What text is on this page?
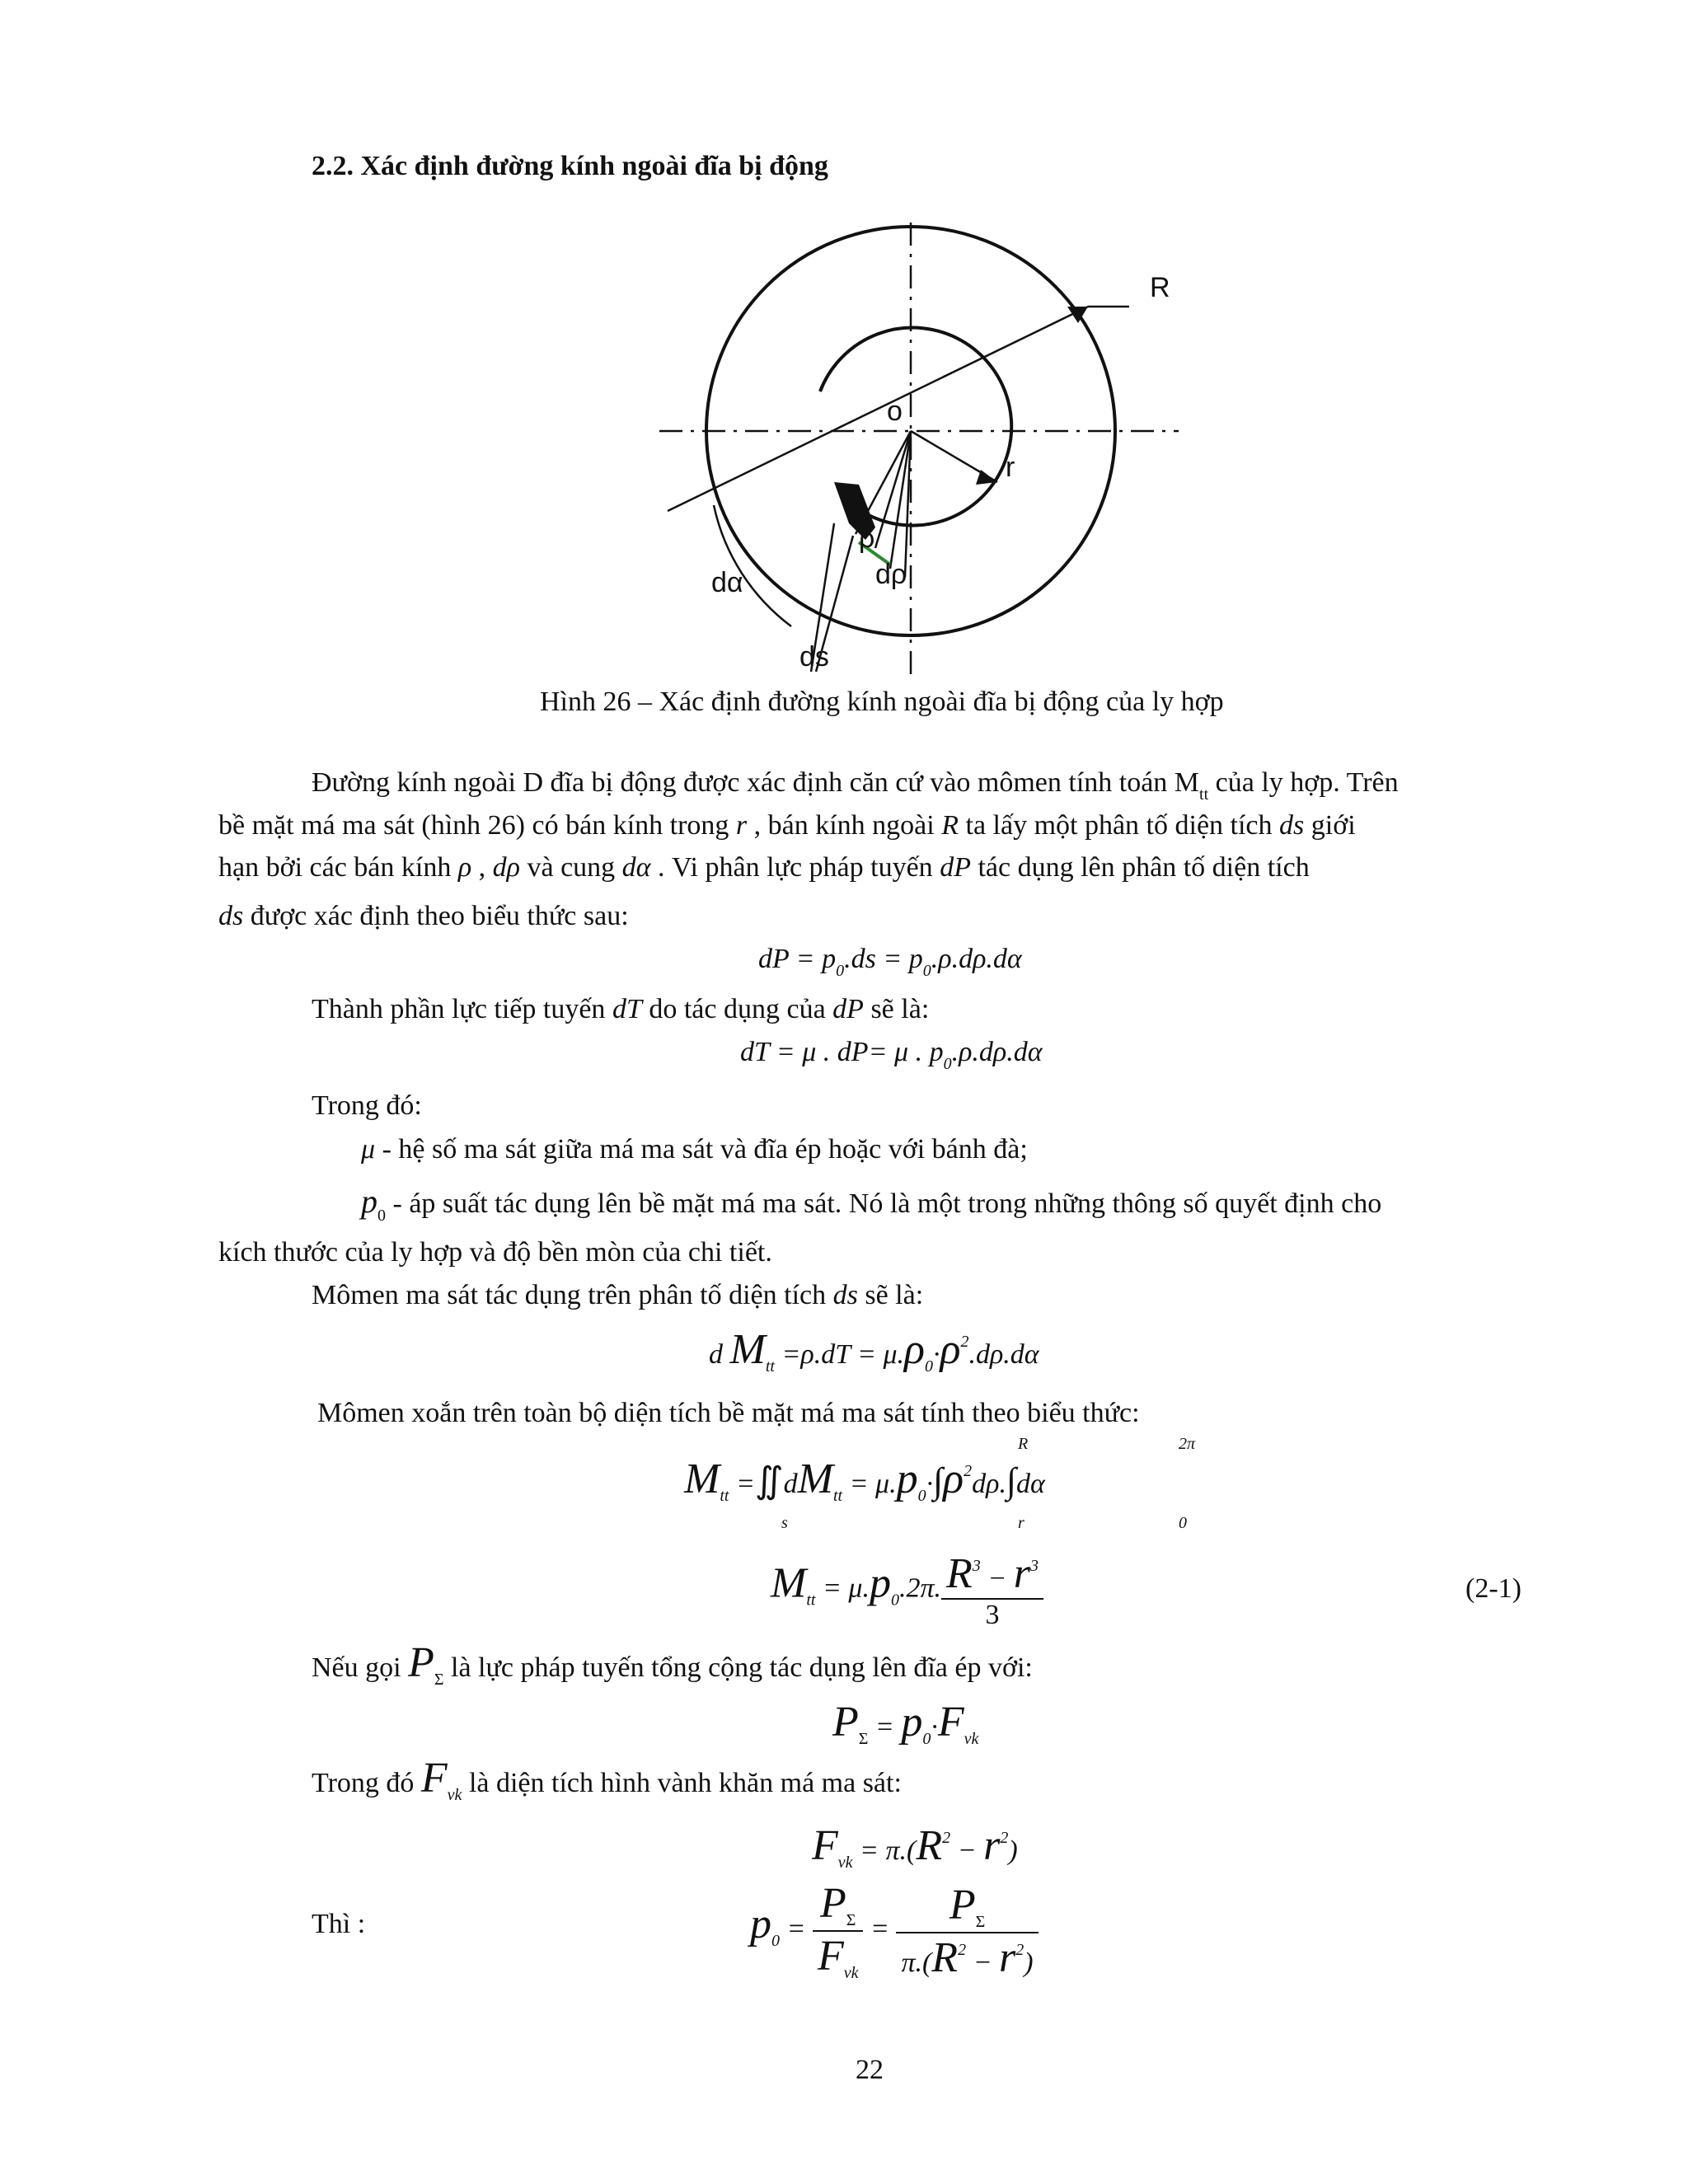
2.2. Xác định đường kính ngoài đĩa bị động
R
o
r
ρ
dρ
dα
ds
Hình 26 – Xác định đường kính ngoài đĩa bị động của ly hợp
Đường kính ngoài D đĩa bị động được xác định căn cứ vào mômen tính toán $M_{tt}$ của ly hợp. Trên
bề mặt má ma sát (hình 26) có bán kính trong r , bán kính ngoài R ta lấy một phân tố diện tích ds giới
hạn bởi các bán kính ρ , dρ và cung dα . Vi phân lực pháp tuyến dP tác dụng lên phân tố diện tích
ds được xác định theo biểu thức sau:
dP = $p_0.ds = p_0.\rho.d\rho.d\alpha$
Thành phần lực tiếp tuyến dT do tác dụng của dP sẽ là:
dT = μ . dP= μ . $p_0.\rho.d\rho.d\alpha$
Trong đó:
μ - hệ số ma sát giữa má ma sát và đĩa ép hoặc với bánh đà;
$p_0$ - áp suất tác dụng lên bề mặt má ma sát. Nó là một trong những thông số quyết định cho
kích thước của ly hợp và độ bền mòn của chi tiết.
Mômen ma sát tác dụng trên phân tố diện tích ds sẽ là:
d $M_{tt} =\rho.dT = \mu.\rho_0\cdot\rho^2.d\rho.d\alpha$
Mômen xoắn trên toàn bộ diện tích bề mặt má ma sát tính theo biểu thức:
$M_{tt}$ $=∬dM_{tt} = \mu.p_0\cdot\int\rho^2d\rho.\int d\alpha$
s
R
r
2π
0
$M_{tt} = \mu.p_0.2\pi$. $\frac{R^3 - r^3}{3}$	(2-1)
Nếu gọi $P_\Sigma$ là lực pháp tuyến tổng cộng tác dụng lên đĩa ép với:
$P_\Sigma = p_0\cdot F_{vk}$
Trong đó $F_{vk}$ là diện tích hình vành khăn má ma sát:
$F_{vk} = \pi.(R^2 - r^2)$
Thì :	$p_0 = \frac{P_\Sigma}{F_{vk}} = \frac{P_\Sigma}{\pi.(R^2 - r^2)}$
22
